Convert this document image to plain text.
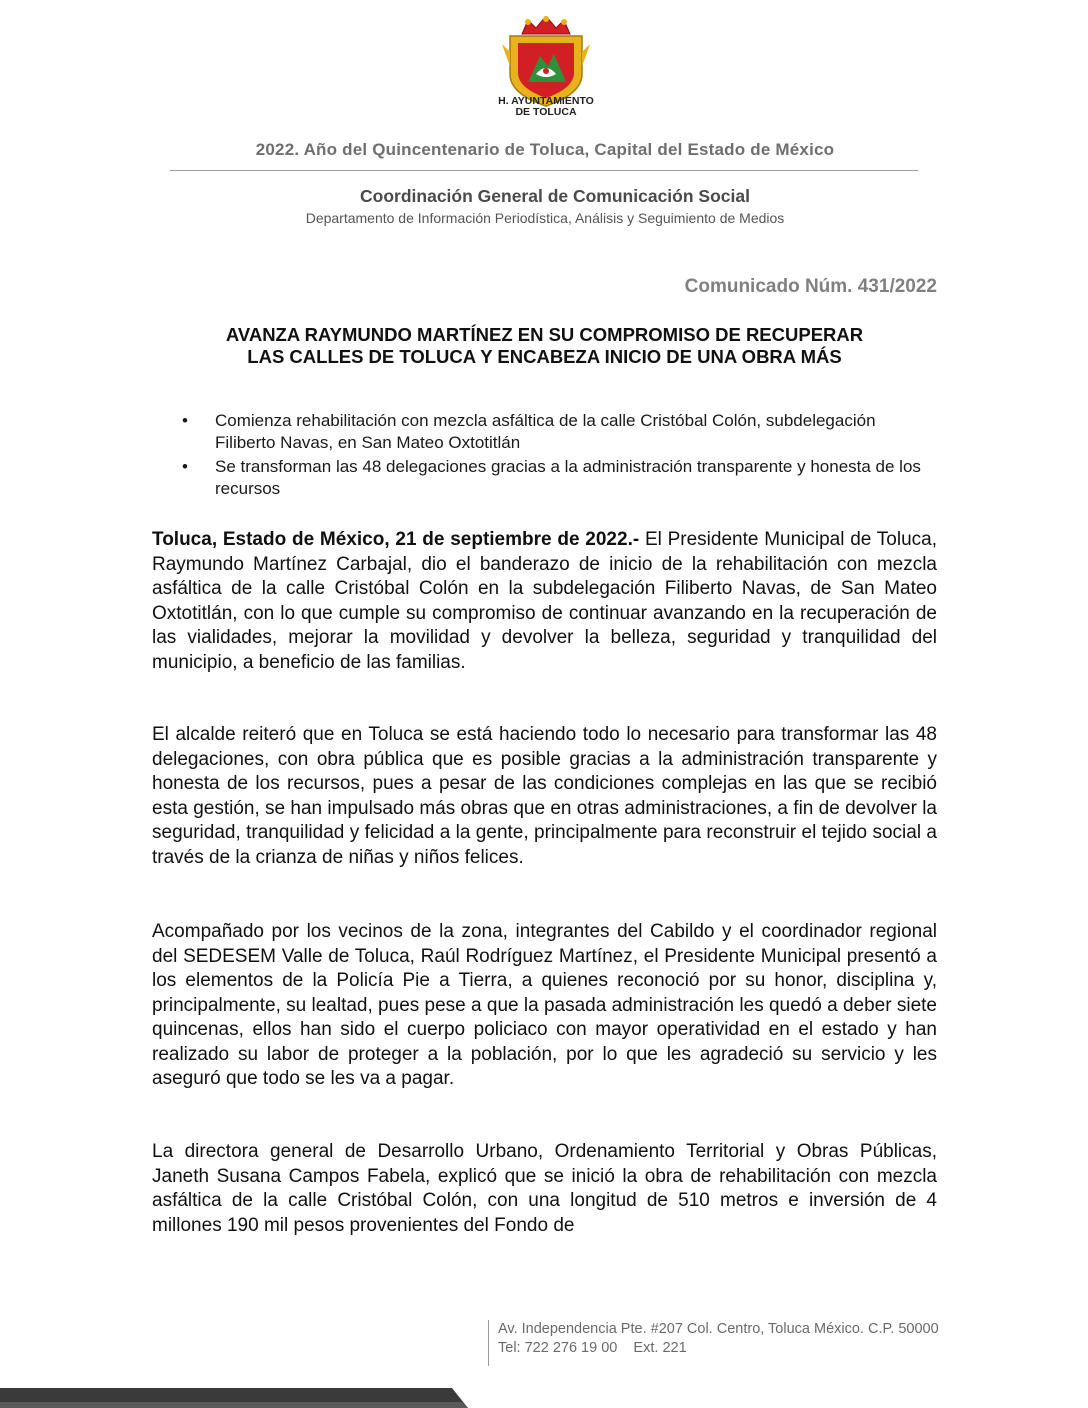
H. AYUNTAMIENTO
DE TOLUCA
2022. Año del Quincentenario de Toluca, Capital del Estado de México
Coordinación General de Comunicación Social
Departamento de Información Periodística, Análisis y Seguimiento de Medios
Comunicado Núm. 431/2022
AVANZA RAYMUNDO MARTÍNEZ EN SU COMPROMISO DE RECUPERAR
LAS CALLES DE TOLUCA Y ENCABEZA INICIO DE UNA OBRA MÁS
• Comienza rehabilitación con mezcla asfáltica de la calle Cristóbal Colón, subdelegación Filiberto Navas, en San Mateo Oxtotitlán
• Se transforman las 48 delegaciones gracias a la administración transparente y honesta de los recursos

Toluca, Estado de México, 21 de septiembre de 2022.- El Presidente Municipal de Toluca, Raymundo Martínez Carbajal, dio el banderazo de inicio de la rehabilitación con mezcla asfáltica de la calle Cristóbal Colón en la subdelegación Filiberto Navas, de San Mateo Oxtotitlán, con lo que cumple su compromiso de continuar avanzando en la recuperación de las vialidades, mejorar la movilidad y devolver la belleza, seguridad y tranquilidad del municipio, a beneficio de las familias.

El alcalde reiteró que en Toluca se está haciendo todo lo necesario para transformar las 48 delegaciones, con obra pública que es posible gracias a la administración transparente y honesta de los recursos, pues a pesar de las condiciones complejas en las que se recibió esta gestión, se han impulsado más obras que en otras administraciones, a fin de devolver la seguridad, tranquilidad y felicidad a la gente, principalmente para reconstruir el tejido social a través de la crianza de niñas y niños felices.

Acompañado por los vecinos de la zona, integrantes del Cabildo y el coordinador regional del SEDESEM Valle de Toluca, Raúl Rodríguez Martínez, el Presidente Municipal presentó a los elementos de la Policía Pie a Tierra, a quienes reconoció por su honor, disciplina y, principalmente, su lealtad, pues pese a que la pasada administración les quedó a deber siete quincenas, ellos han sido el cuerpo policiaco con mayor operatividad en el estado y han realizado su labor de proteger a la población, por lo que les agradeció su servicio y les aseguró que todo se les va a pagar.

La directora general de Desarrollo Urbano, Ordenamiento Territorial y Obras Públicas, Janeth Susana Campos Fabela, explicó que se inició la obra de rehabilitación con mezcla asfáltica de la calle Cristóbal Colón, con una longitud de 510 metros e inversión de 4 millones 190 mil pesos provenientes del Fondo de

Av. Independencia Pte. #207 Col. Centro, Toluca México. C.P. 50000
Tel: 722 276 19 00    Ext. 221
